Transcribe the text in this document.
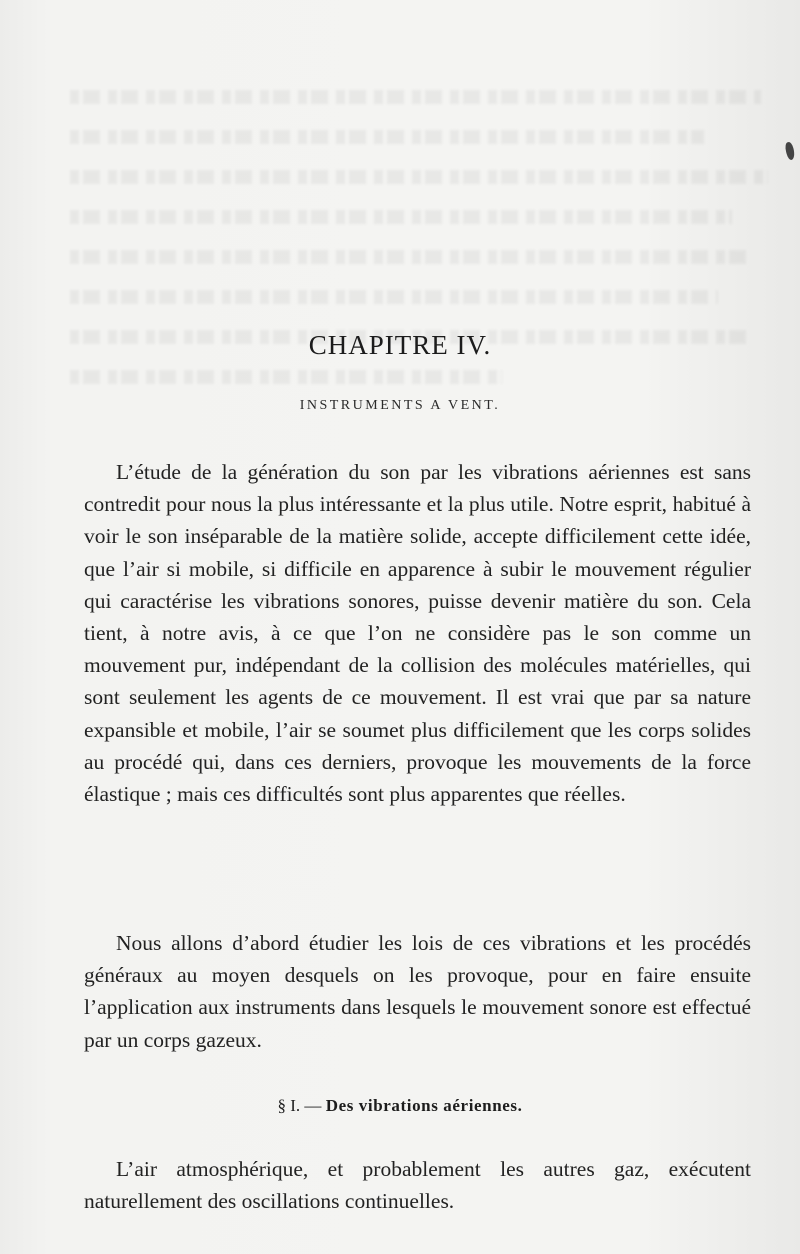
CHAPITRE IV.
INSTRUMENTS A VENT.

L’étude de la génération du son par les vibrations aériennes est sans contredit pour nous la plus intéressante et la plus utile. Notre esprit, habitué à voir le son inséparable de la matière solide, accepte difficilement cette idée, que l’air si mobile, si difficile en apparence à subir le mouvement régulier qui caractérise les vibrations sonores, puisse devenir matière du son. Cela tient, à notre avis, à ce que l’on ne considère pas le son comme un mouvement pur, indépendant de la collision des molécules matérielles, qui sont seulement les agents de ce mouvement. Il est vrai que par sa nature expansible et mobile, l’air se soumet plus difficilement que les corps solides au procédé qui, dans ces derniers, provoque les mouvements de la force élastique ; mais ces difficultés sont plus apparentes que réelles.

Nous allons d’abord étudier les lois de ces vibrations et les procédés généraux au moyen desquels on les provoque, pour en faire ensuite l’application aux instruments dans lesquels le mouvement sonore est effectué par un corps gazeux.

§ I. — Des vibrations aériennes.

L’air atmosphérique, et probablement les autres gaz, exécutent naturellement des oscillations continuelles.
